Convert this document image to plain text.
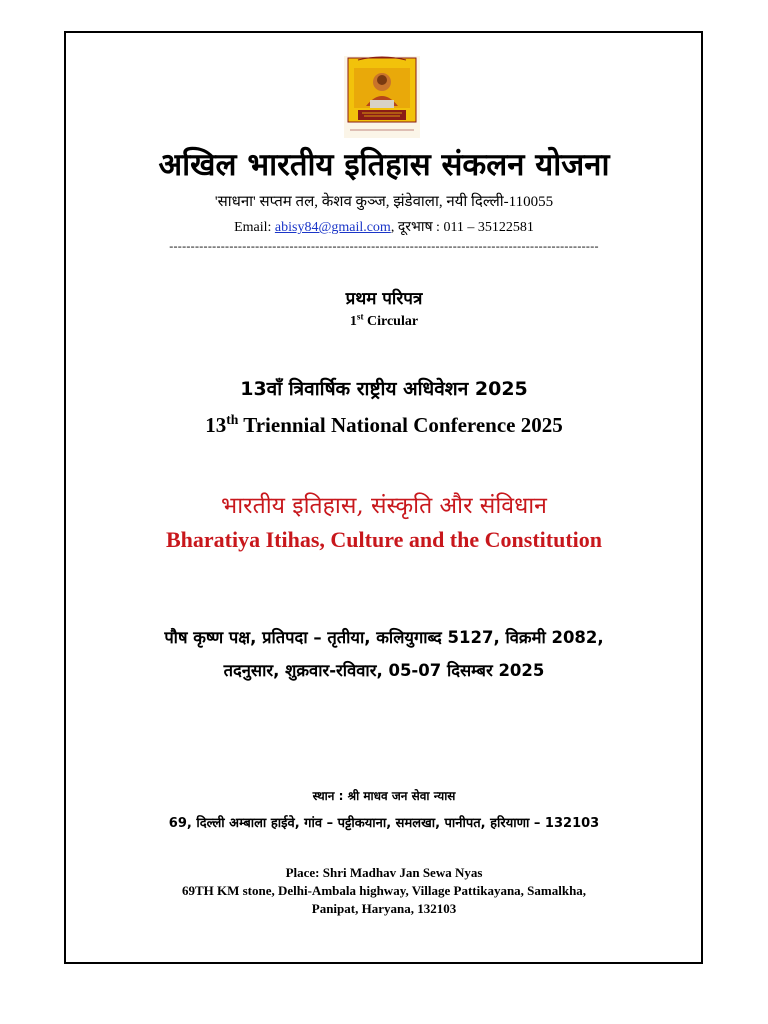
अखिल भारतीय इतिहास संकलन योजना
'साधना' सप्तम तल, केशव कुञ्ज, झंडेवाला, नयी दिल्ली-110055
Email: abisy84@gmail.com, दूरभाष : 011 – 35122581
----------------------------------------------------------------------------------------------------
प्रथम परिपत्र
1st Circular
13वाँ त्रिवार्षिक राष्ट्रीय अधिवेशन 2025
13th Triennial National Conference 2025
भारतीय इतिहास, संस्कृति और संविधान
Bharatiya Itihas, Culture and the Constitution
पौष कृष्ण पक्ष, प्रतिपदा – तृतीया, कलियुगाब्द 5127, विक्रमी 2082,
तदनुसार, शुक्रवार-रविवार, 05-07 दिसम्बर 2025
स्थान : श्री माधव जन सेवा न्यास
69, दिल्ली अम्बाला हाईवे, गांव – पट्टीकयाना, समलखा, पानीपत, हरियाणा – 132103
Place: Shri Madhav Jan Sewa Nyas
69TH KM stone, Delhi-Ambala highway, Village Pattikayana, Samalkha,
Panipat, Haryana, 132103
